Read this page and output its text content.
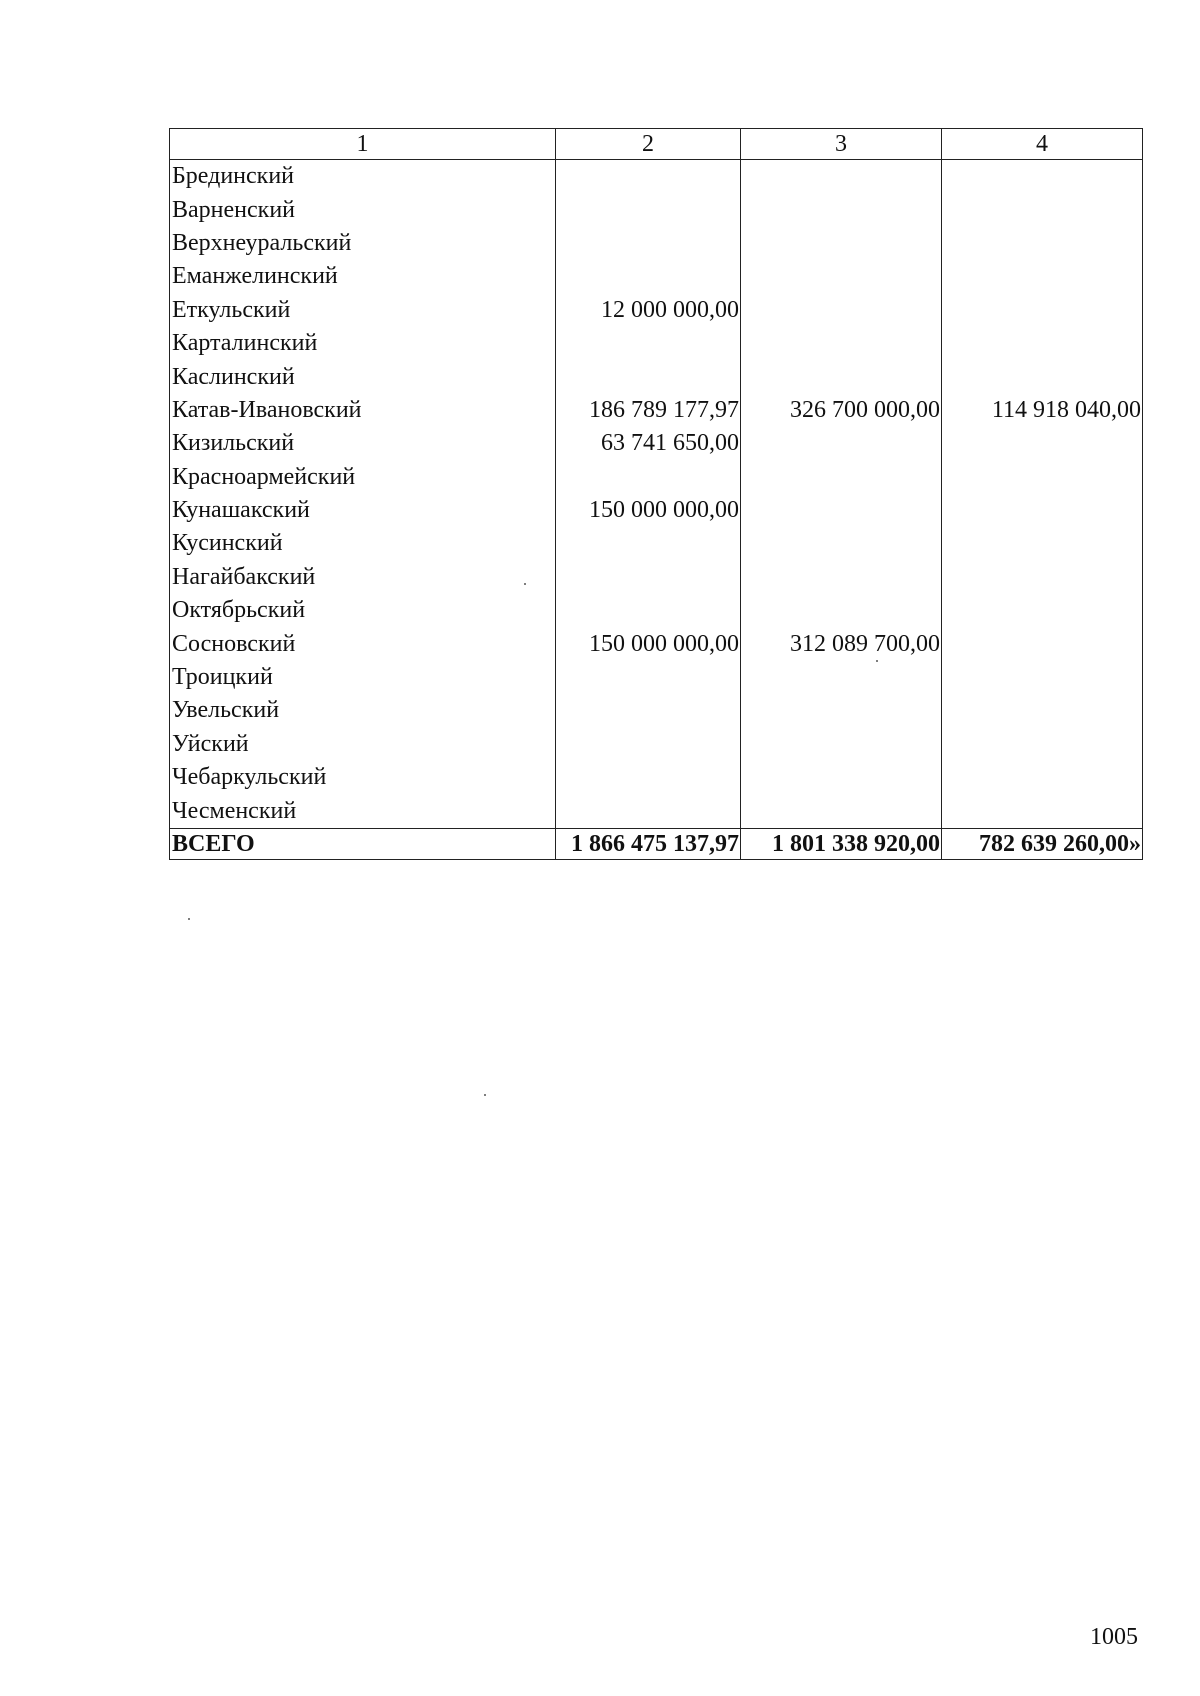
1	2	3	4
Брединский			
Варненский			
Верхнеуральский			
Еманжелинский			
Еткульский	12 000 000,00		
Карталинский			
Каслинский			
Катав-Ивановский	186 789 177,97	326 700 000,00	114 918 040,00
Кизильский	63 741 650,00		
Красноармейский			
Кунашакский	150 000 000,00		
Кусинский			
Нагайбакский			
Октябрьский			
Сосновский	150 000 000,00	312 089 700,00	
Троицкий			
Увельский			
Уйский			
Чебаркульский			
Чесменский			
ВСЕГО	1 866 475 137,97	1 801 338 920,00	782 639 260,00»
1005
